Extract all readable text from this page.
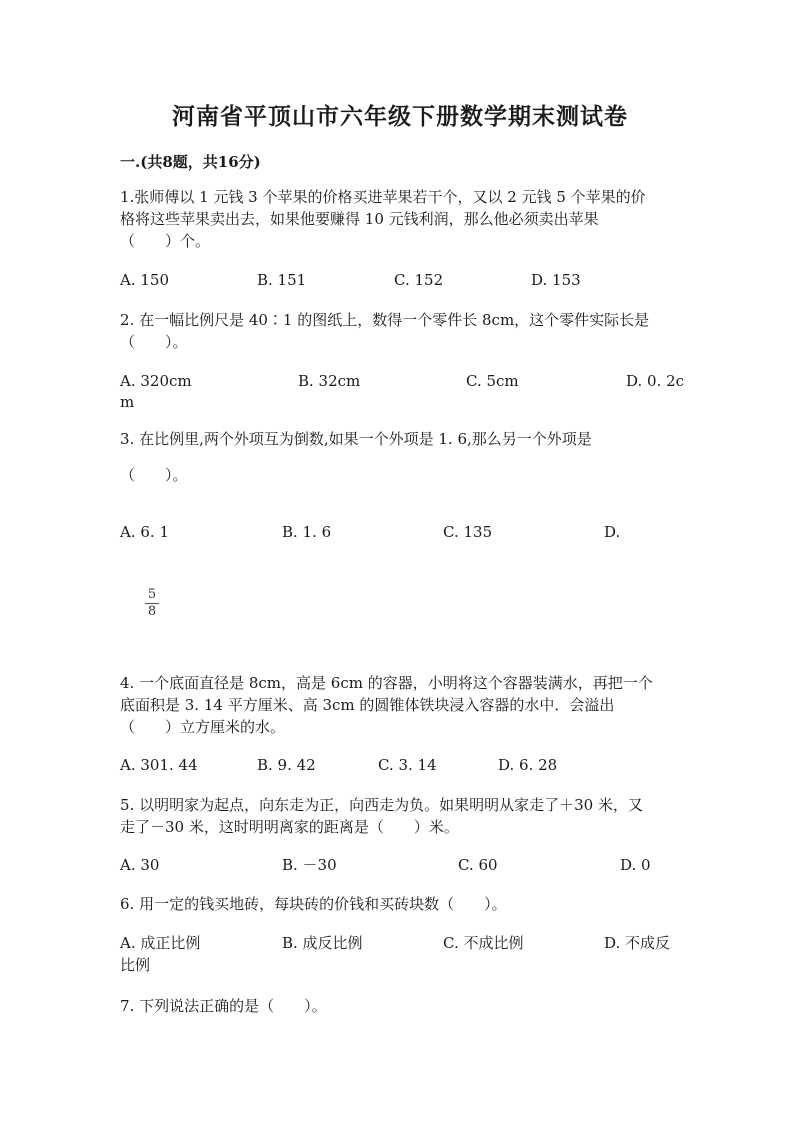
河南省平顶山市六年级下册数学期末测试卷
一.(共8题，共16分)
1.张师傅以 1 元钱 3 个苹果的价格买进苹果若干个，又以 2 元钱 5 个苹果的价
格将这些苹果卖出去，如果他要赚得 10 元钱利润，那么他必须卖出苹果
（　　）个。
A. 150	B. 151	C. 152	D. 153
2. 在一幅比例尺是 40∶1 的图纸上，数得一个零件长 8cm，这个零件实际长是
（　　）。
A. 320cm	B. 32cm	C. 5cm	D. 0. 2c
m
3. 在比例里,两个外项互为倒数,如果一个外项是 1. 6,那么另一个外项是
（　　）。
A. 6. 1	B. 1. 6	C. 135	D.
5
8
4. 一个底面直径是 8cm，高是 6cm 的容器，小明将这个容器装满水，再把一个
底面积是 3. 14 平方厘米、高 3cm 的圆锥体铁块浸入容器的水中．会溢出
（　　）立方厘米的水。
A. 301. 44	B. 9. 42	C. 3. 14	D. 6. 28
5. 以明明家为起点，向东走为正，向西走为负。如果明明从家走了＋30 米，又
走了－30 米，这时明明离家的距离是（　　）米。
A. 30	B. －30	C. 60	D. 0
6. 用一定的钱买地砖，每块砖的价钱和买砖块数（　　）。
A. 成正比例	B. 成反比例	C. 不成比例	D. 不成反
比例
7. 下列说法正确的是（　　）。
